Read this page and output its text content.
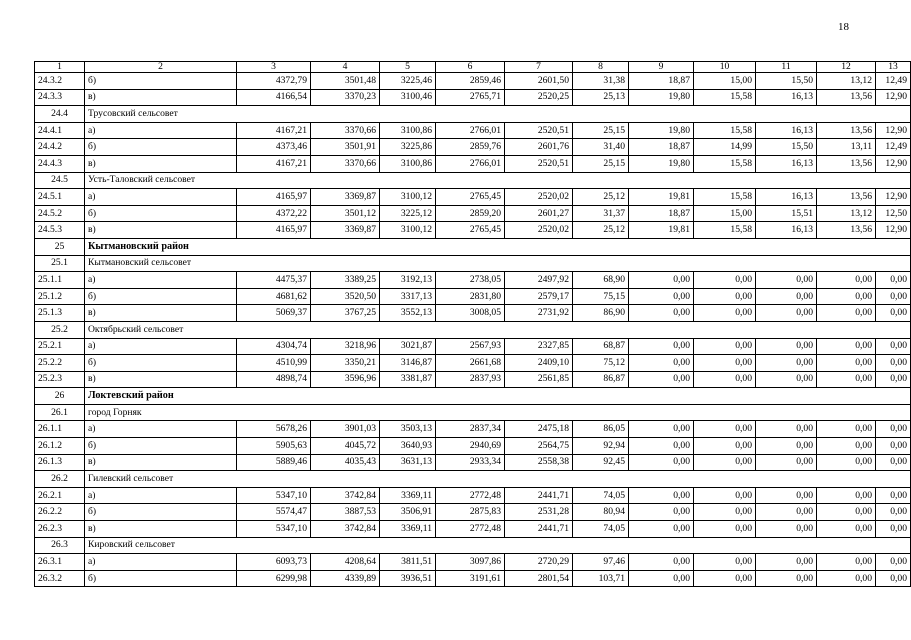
18
1	2	3	4	5	6	7	8	9	10	11	12	13
24.3.2	б)	4372,79	3501,48	3225,46	2859,46	2601,50	31,38	18,87	15,00	15,50	13,12	12,49
24.3.3	в)	4166,54	3370,23	3100,46	2765,71	2520,25	25,13	19,80	15,58	16,13	13,56	12,90
24.4	Трусовский сельсовет											
24.4.1	а)	4167,21	3370,66	3100,86	2766,01	2520,51	25,15	19,80	15,58	16,13	13,56	12,90
24.4.2	б)	4373,46	3501,91	3225,86	2859,76	2601,76	31,40	18,87	14,99	15,50	13,11	12,49
24.4.3	в)	4167,21	3370,66	3100,86	2766,01	2520,51	25,15	19,80	15,58	16,13	13,56	12,90
24.5	Усть-Таловский сельсовет											
24.5.1	а)	4165,97	3369,87	3100,12	2765,45	2520,02	25,12	19,81	15,58	16,13	13,56	12,90
24.5.2	б)	4372,22	3501,12	3225,12	2859,20	2601,27	31,37	18,87	15,00	15,51	13,12	12,50
24.5.3	в)	4165,97	3369,87	3100,12	2765,45	2520,02	25,12	19,81	15,58	16,13	13,56	12,90
25	Кытмановский район											
25.1	Кытмановский сельсовет											
25.1.1	а)	4475,37	3389,25	3192,13	2738,05	2497,92	68,90	0,00	0,00	0,00	0,00	0,00
25.1.2	б)	4681,62	3520,50	3317,13	2831,80	2579,17	75,15	0,00	0,00	0,00	0,00	0,00
25.1.3	в)	5069,37	3767,25	3552,13	3008,05	2731,92	86,90	0,00	0,00	0,00	0,00	0,00
25.2	Октябрьский сельсовет											
25.2.1	а)	4304,74	3218,96	3021,87	2567,93	2327,85	68,87	0,00	0,00	0,00	0,00	0,00
25.2.2	б)	4510,99	3350,21	3146,87	2661,68	2409,10	75,12	0,00	0,00	0,00	0,00	0,00
25.2.3	в)	4898,74	3596,96	3381,87	2837,93	2561,85	86,87	0,00	0,00	0,00	0,00	0,00
26	Локтевский район											
26.1	город Горняк											
26.1.1	а)	5678,26	3901,03	3503,13	2837,34	2475,18	86,05	0,00	0,00	0,00	0,00	0,00
26.1.2	б)	5905,63	4045,72	3640,93	2940,69	2564,75	92,94	0,00	0,00	0,00	0,00	0,00
26.1.3	в)	5889,46	4035,43	3631,13	2933,34	2558,38	92,45	0,00	0,00	0,00	0,00	0,00
26.2	Гилевский сельсовет											
26.2.1	а)	5347,10	3742,84	3369,11	2772,48	2441,71	74,05	0,00	0,00	0,00	0,00	0,00
26.2.2	б)	5574,47	3887,53	3506,91	2875,83	2531,28	80,94	0,00	0,00	0,00	0,00	0,00
26.2.3	в)	5347,10	3742,84	3369,11	2772,48	2441,71	74,05	0,00	0,00	0,00	0,00	0,00
26.3	Кировский сельсовет											
26.3.1	а)	6093,73	4208,64	3811,51	3097,86	2720,29	97,46	0,00	0,00	0,00	0,00	0,00
26.3.2	б)	6299,98	4339,89	3936,51	3191,61	2801,54	103,71	0,00	0,00	0,00	0,00	0,00
